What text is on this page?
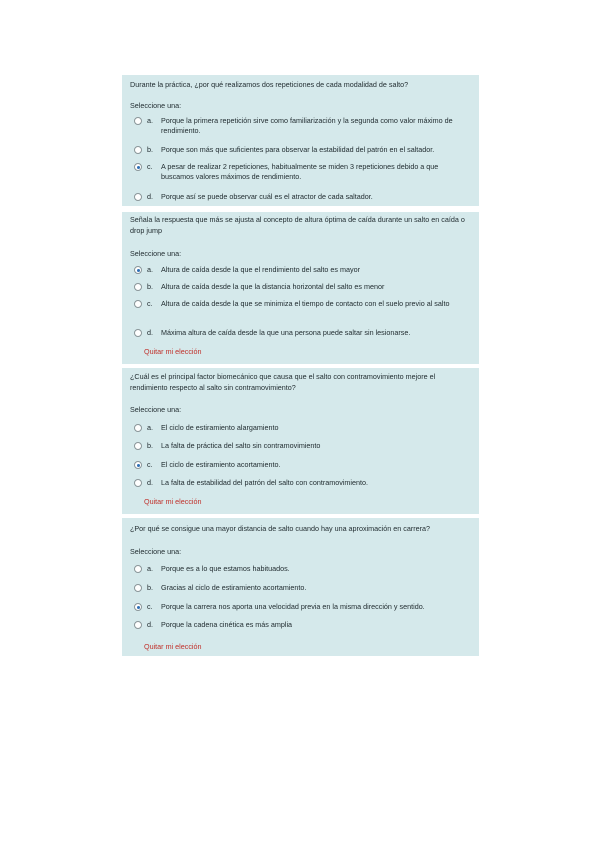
Durante la práctica, ¿por qué realizamos dos repeticiones de cada modalidad de salto?
Seleccione una:
a. Porque la primera repetición sirve como familiarización y la segunda como valor máximo de rendimiento.
b. Porque son más que suficientes para observar la estabilidad del patrón en el saltador.
c. A pesar de realizar 2 repeticiones, habitualmente se miden 3 repeticiones debido a que buscamos valores máximos de rendimiento.
d. Porque así se puede observar cuál es el atractor de cada saltador.
Señala la respuesta que más se ajusta al concepto de altura óptima de caída durante un salto en caída o drop jump
Seleccione una:
a. Altura de caída desde la que el rendimiento del salto es mayor
b. Altura de caída desde la que la distancia horizontal del salto es menor
c. Altura de caída desde la que se minimiza el tiempo de contacto con el suelo previo al salto
d. Máxima altura de caída desde la que una persona puede saltar sin lesionarse.
Quitar mi elección
¿Cuál es el principal factor biomecánico que causa que el salto con contramovimiento mejore el rendimiento respecto al salto sin contramovimiento?
Seleccione una:
a. El ciclo de estiramiento alargamiento
b. La falta de práctica del salto sin contramovimiento
c. El ciclo de estiramiento acortamiento.
d. La falta de estabilidad del patrón del salto con contramovimiento.
Quitar mi elección
¿Por qué se consigue una mayor distancia de salto cuando hay una aproximación en carrera?
Seleccione una:
a. Porque es a lo que estamos habituados.
b. Gracias al ciclo de estiramiento acortamiento.
c. Porque la carrera nos aporta una velocidad previa en la misma dirección y sentido.
d. Porque la cadena cinética es más amplia
Quitar mi elección
